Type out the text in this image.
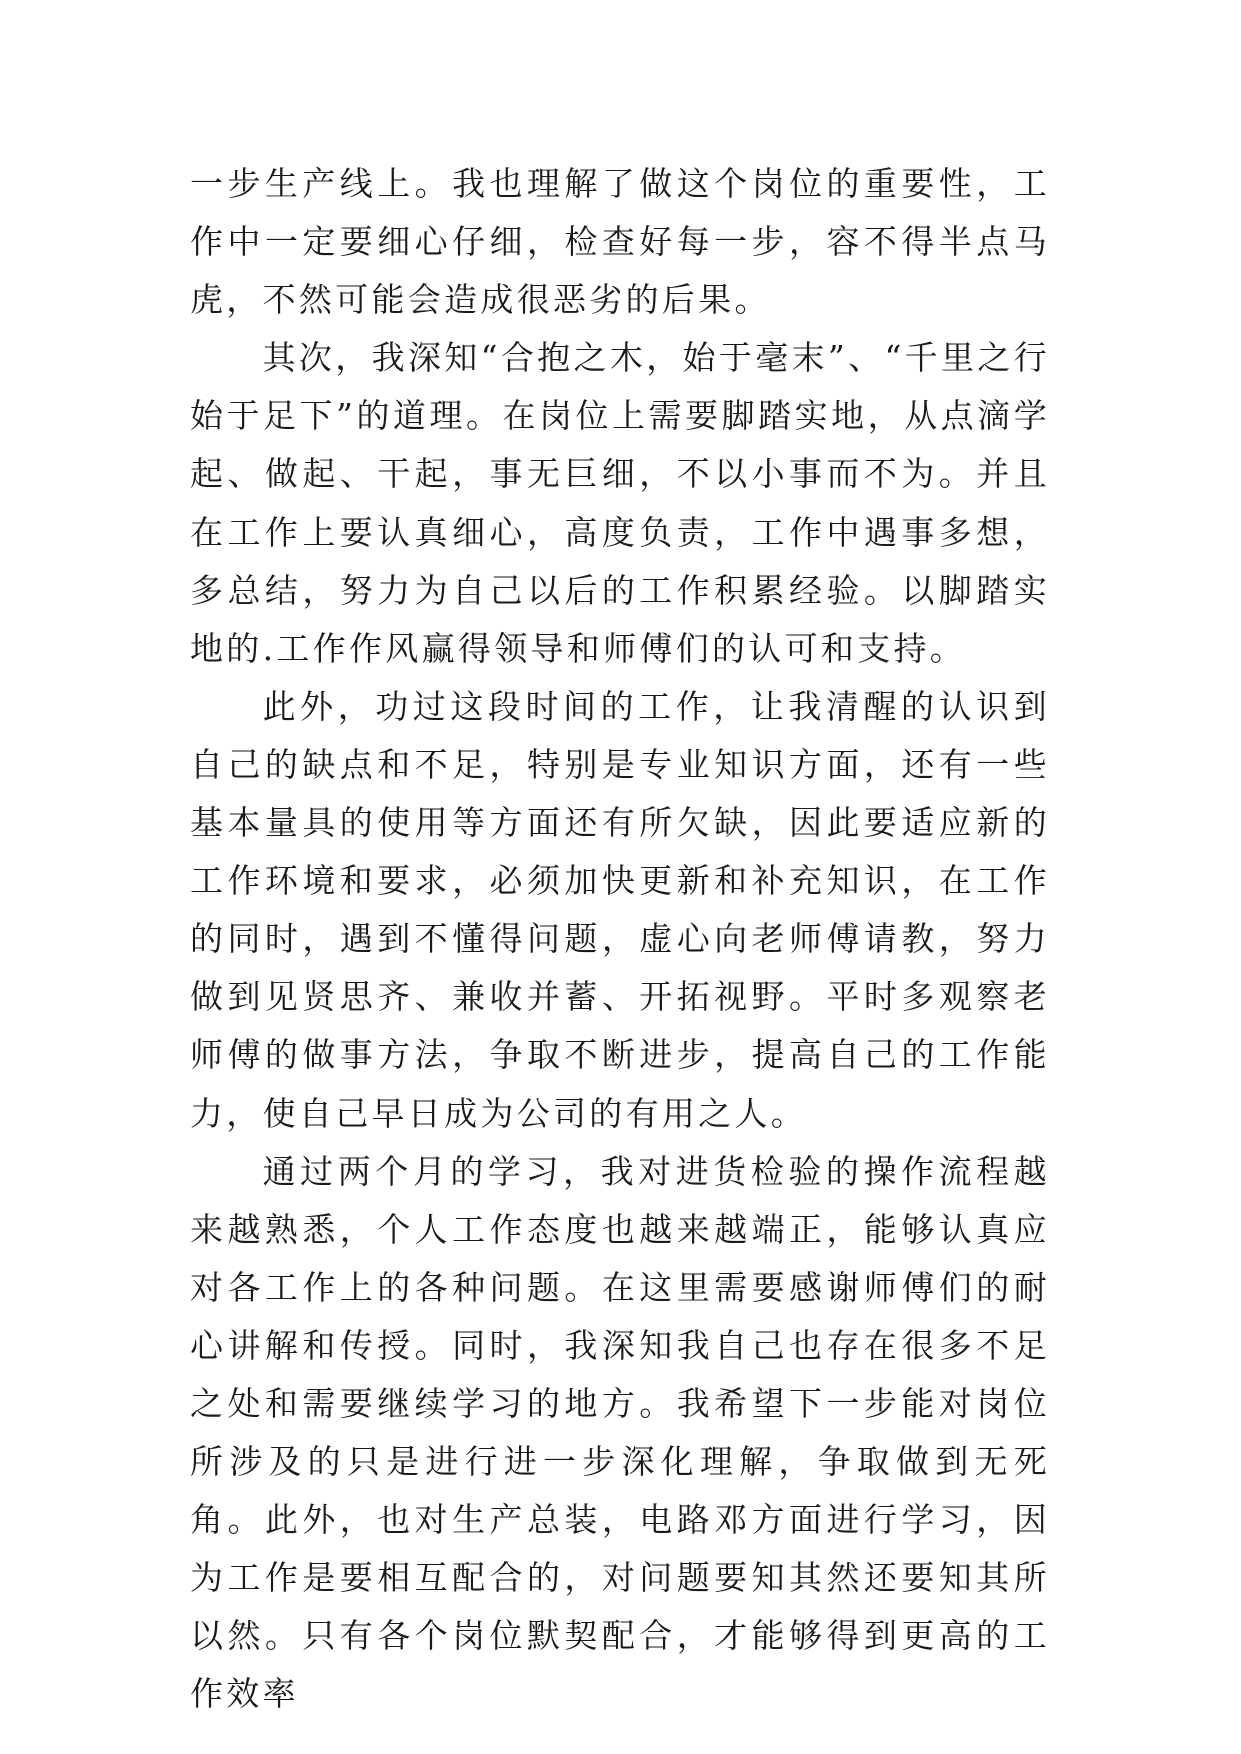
一步生产线上。我也理解了做这个岗位的重要性，工作中一定要细心仔细，检查好每一步，容不得半点马虎，不然可能会造成很恶劣的后果。

其次，我深知“合抱之木，始于毫末”、“千里之行始于足下”的道理。在岗位上需要脚踏实地，从点滴学起、做起、干起，事无巨细，不以小事而不为。并且在工作上要认真细心，高度负责，工作中遇事多想，多总结，努力为自己以后的工作积累经验。以脚踏实地的.工作作风赢得领导和师傅们的认可和支持。

此外，功过这段时间的工作，让我清醒的认识到自己的缺点和不足，特别是专业知识方面，还有一些基本量具的使用等方面还有所欠缺，因此要适应新的工作环境和要求，必须加快更新和补充知识，在工作的同时，遇到不懂得问题，虚心向老师傅请教，努力做到见贤思齐、兼收并蓄、开拓视野。平时多观察老师傅的做事方法，争取不断进步，提高自己的工作能力，使自己早日成为公司的有用之人。

通过两个月的学习，我对进货检验的操作流程越来越熟悉，个人工作态度也越来越端正，能够认真应对各工作上的各种问题。在这里需要感谢师傅们的耐心讲解和传授。同时，我深知我自己也存在很多不足之处和需要继续学习的地方。我希望下一步能对岗位所涉及的只是进行进一步深化理解，争取做到无死角。此外，也对生产总装，电路邓方面进行学习，因为工作是要相互配合的，对问题要知其然还要知其所以然。只有各个岗位默契配合，才能够得到更高的工作效率
